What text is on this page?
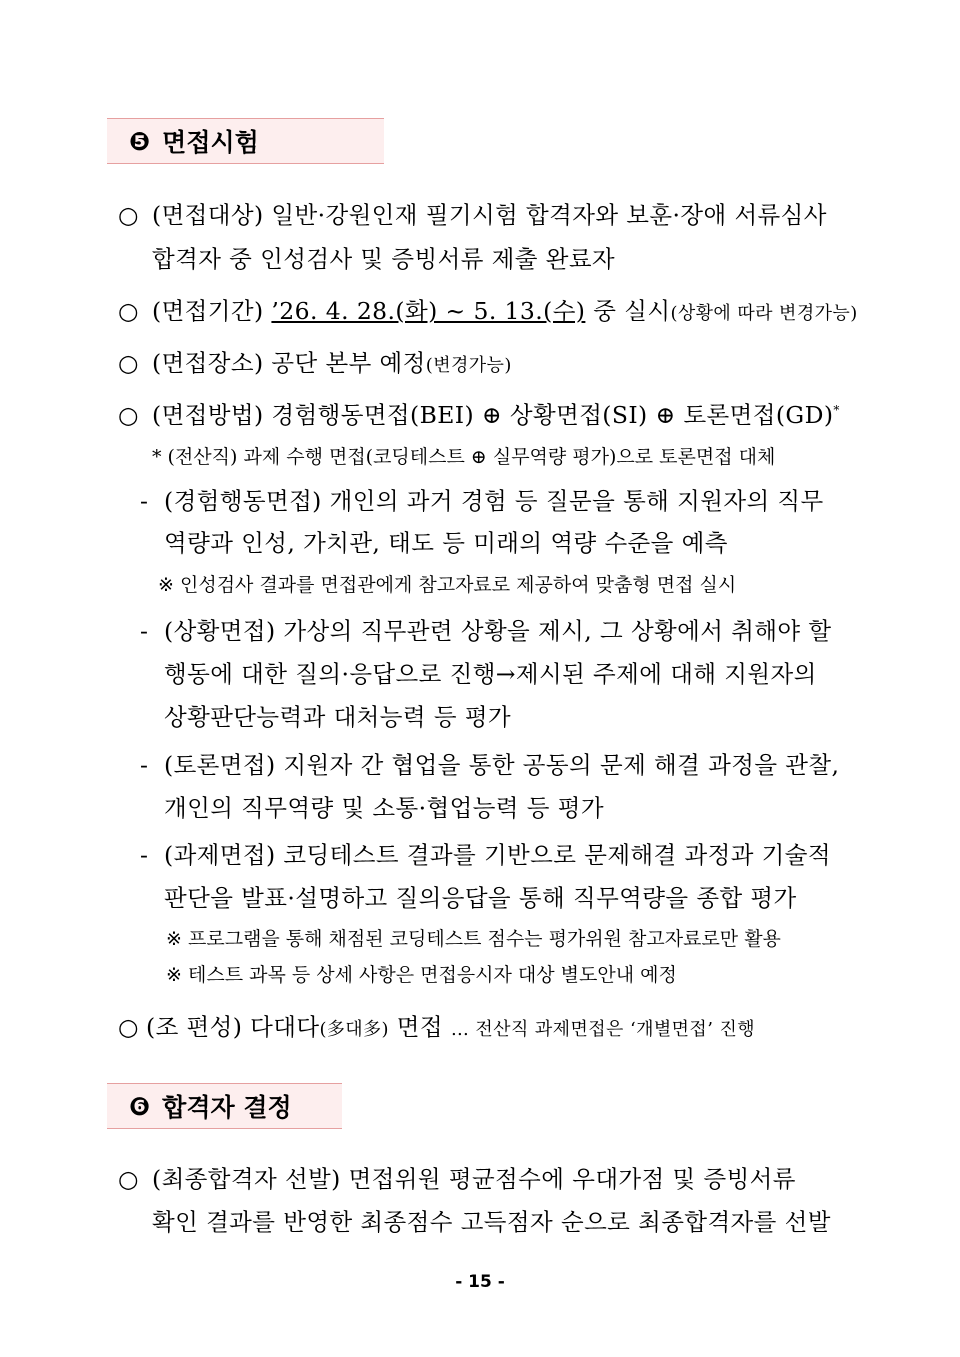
❺ 면접시험
○ (면접대상) 일반·강원인재 필기시험 합격자와 보훈·장애 서류심사
합격자 중 인성검사 및 증빙서류 제출 완료자
○ (면접기간) ’26. 4. 28.(화) ~ 5. 13.(수) 중 실시(상황에 따라 변경가능)
○ (면접장소) 공단 본부 예정(변경가능)
○ (면접방법) 경험행동면접(BEI) ⊕ 상황면접(SI) ⊕ 토론면접(GD)*
* (전산직) 과제 수행 면접(코딩테스트 ⊕ 실무역량 평가)으로 토론면접 대체
- (경험행동면접) 개인의 과거 경험 등 질문을 통해 지원자의 직무
역량과 인성, 가치관, 태도 등 미래의 역량 수준을 예측
※ 인성검사 결과를 면접관에게 참고자료로 제공하여 맞춤형 면접 실시
- (상황면접) 가상의 직무관련 상황을 제시, 그 상황에서 취해야 할
행동에 대한 질의·응답으로 진행→제시된 주제에 대해 지원자의
상황판단능력과 대처능력 등 평가
- (토론면접) 지원자 간 협업을 통한 공동의 문제 해결 과정을 관찰,
개인의 직무역량 및 소통·협업능력 등 평가
- (과제면접) 코딩테스트 결과를 기반으로 문제해결 과정과 기술적
판단을 발표·설명하고 질의응답을 통해 직무역량을 종합 평가
※ 프로그램을 통해 채점된 코딩테스트 점수는 평가위원 참고자료로만 활용
※ 테스트 과목 등 상세 사항은 면접응시자 대상 별도안내 예정
○ (조 편성) 다대다(多대多) 면접 … 전산직 과제면접은 ‘개별면접’ 진행
❻ 합격자 결정
○ (최종합격자 선발) 면접위원 평균점수에 우대가점 및 증빙서류
확인 결과를 반영한 최종점수 고득점자 순으로 최종합격자를 선발
- 15 -
